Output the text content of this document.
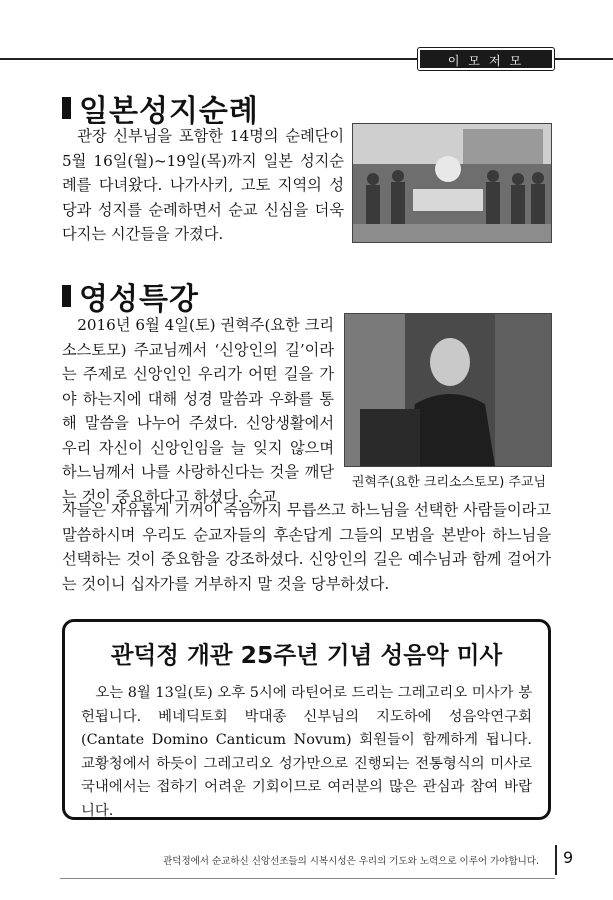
이모저모
일본성지순례

관장 신부님을 포함한 14명의 순례단이 5월 16일(월)~19일(목)까지 일본 성지순례를 다녀왔다. 나가사키, 고토 지역의 성당과 성지를 순례하면서 순교 신심을 더욱 다지는 시간들을 가졌다.

영성특강

2016년 6월 4일(토) 권혁주(요한 크리소스토모) 주교님께서 ‘신앙인의 길’이라는 주제로 신앙인인 우리가 어떤 길을 가야 하는지에 대해 성경 말씀과 우화를 통해 말씀을 나누어 주셨다. 신앙생활에서 우리 자신이 신앙인임을 늘 잊지 않으며 하느님께서 나를 사랑하신다는 것을 깨닫는 것이 중요하다고 하셨다. 순교

권혁주(요한 크리소스토모) 주교님

자들은 자유롭게 기꺼이 죽음까지 무릅쓰고 하느님을 선택한 사람들이라고 말씀하시며 우리도 순교자들의 후손답게 그들의 모범을 본받아 하느님을 선택하는 것이 중요함을 강조하셨다. 신앙인의 길은 예수님과 함께 걸어가는 것이니 십자가를 거부하지 말 것을 당부하셨다.

관덕정 개관 25주년 기념 성음악 미사
오는 8월 13일(토) 오후 5시에 라틴어로 드리는 그레고리오 미사가 봉헌됩니다. 베네딕토회 박대종 신부님의 지도하에 성음악연구회(Cantate Domino Canticum Novum) 회원들이 함께하게 됩니다. 교황청에서 하듯이 그레고리오 성가만으로 진행되는 전통형식의 미사로 국내에서는 접하기 어려운 기회이므로 여러분의 많은 관심과 참여 바랍니다.
관덕정에서 순교하신 신앙선조들의 시복시성은 우리의 기도와 노력으로 이루어 가야합니다. 9
